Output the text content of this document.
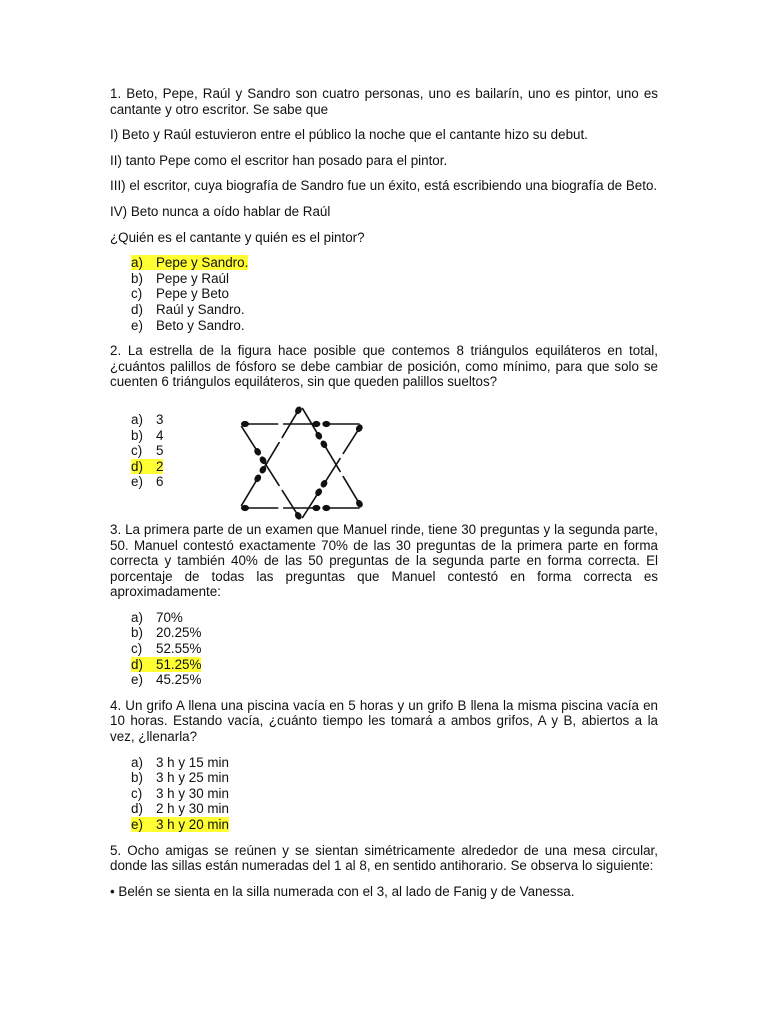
1. Beto, Pepe, Raúl y Sandro son cuatro personas, uno es bailarín, uno es pintor, uno es cantante y otro escritor. Se sabe que

I) Beto y Raúl estuvieron entre el público la noche que el cantante hizo su debut.

II) tanto Pepe como el escritor han posado para el pintor.

III) el escritor, cuya biografía de Sandro fue un éxito, está escribiendo una biografía de Beto.

IV) Beto nunca a oído hablar de Raúl

¿Quién es el cantante y quién es el pintor?

a) Pepe y Sandro.
b) Pepe y Raúl
c) Pepe y Beto
d) Raúl y Sandro.
e) Beto y Sandro.

2. La estrella de la figura hace posible que contemos 8 triángulos equiláteros en total, ¿cuántos palillos de fósforo se debe cambiar de posición, como mínimo, para que solo se cuenten 6 triángulos equiláteros, sin que queden palillos sueltos?

a) 3
b) 4
c) 5
d) 2
e) 6

3. La primera parte de un examen que Manuel rinde, tiene 30 preguntas y la segunda parte, 50. Manuel contestó exactamente 70% de las 30 preguntas de la primera parte en forma correcta y también 40% de las 50 preguntas de la segunda parte en forma correcta. El porcentaje de todas las preguntas que Manuel contestó en forma correcta es aproximadamente:

a) 70%
b) 20.25%
c) 52.55%
d) 51.25%
e) 45.25%

4. Un grifo A llena una piscina vacía en 5 horas y un grifo B llena la misma piscina vacía en 10 horas. Estando vacía, ¿cuánto tiempo les tomará a ambos grifos, A y B, abiertos a la vez, ¿llenarla?

a) 3 h y 15 min
b) 3 h y 25 min
c) 3 h y 30 min
d) 2 h y 30 min
e) 3 h y 20 min

5. Ocho amigas se reúnen y se sientan simétricamente alrededor de una mesa circular, donde las sillas están numeradas del 1 al 8, en sentido antihorario. Se observa lo siguiente:

• Belén se sienta en la silla numerada con el 3, al lado de Fanig y de Vanessa.
